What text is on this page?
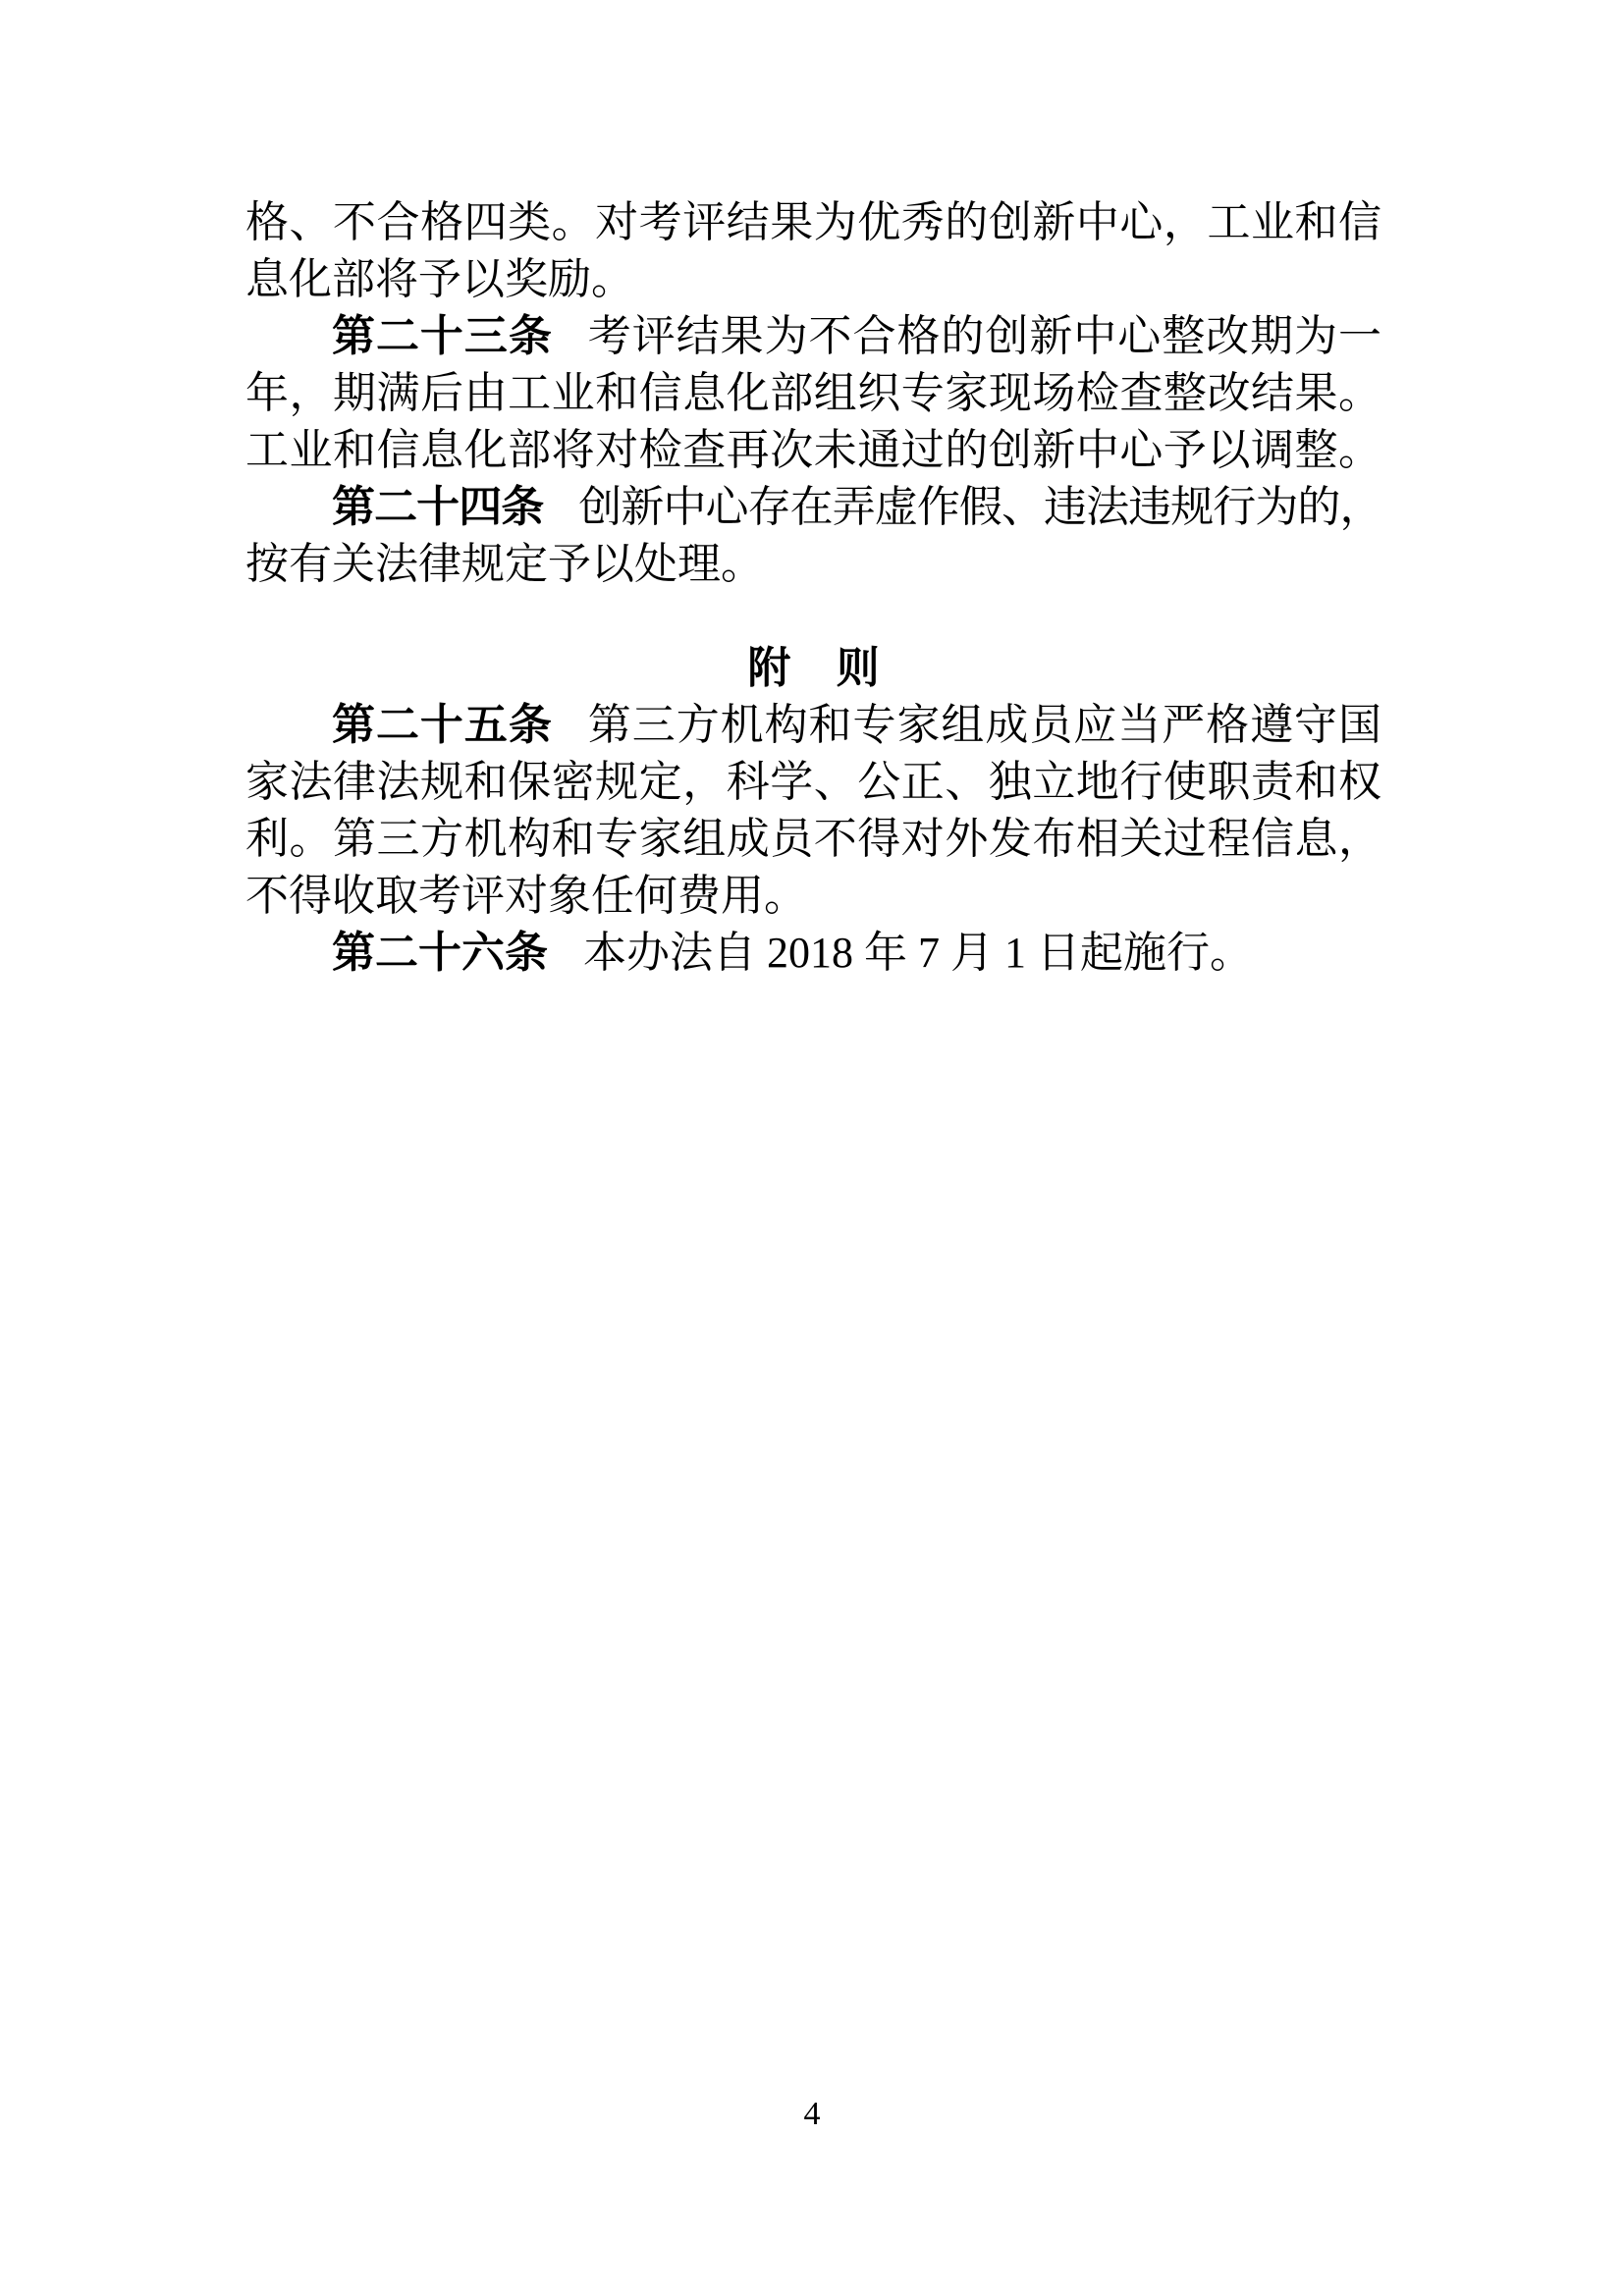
格、不合格四类。对考评结果为优秀的创新中心，工业和信
息化部将予以奖励。
第二十三条 考评结果为不合格的创新中心整改期为一
年，期满后由工业和信息化部组织专家现场检查整改结果。
工业和信息化部将对检查再次未通过的创新中心予以调整。
第二十四条 创新中心存在弄虚作假、违法违规行为的，
按有关法律规定予以处理。
附 则
第二十五条 第三方机构和专家组成员应当严格遵守国
家法律法规和保密规定，科学、公正、独立地行使职责和权
利。第三方机构和专家组成员不得对外发布相关过程信息，
不得收取考评对象任何费用。
第二十六条 本办法自 2018 年 7 月 1 日起施行。
4
